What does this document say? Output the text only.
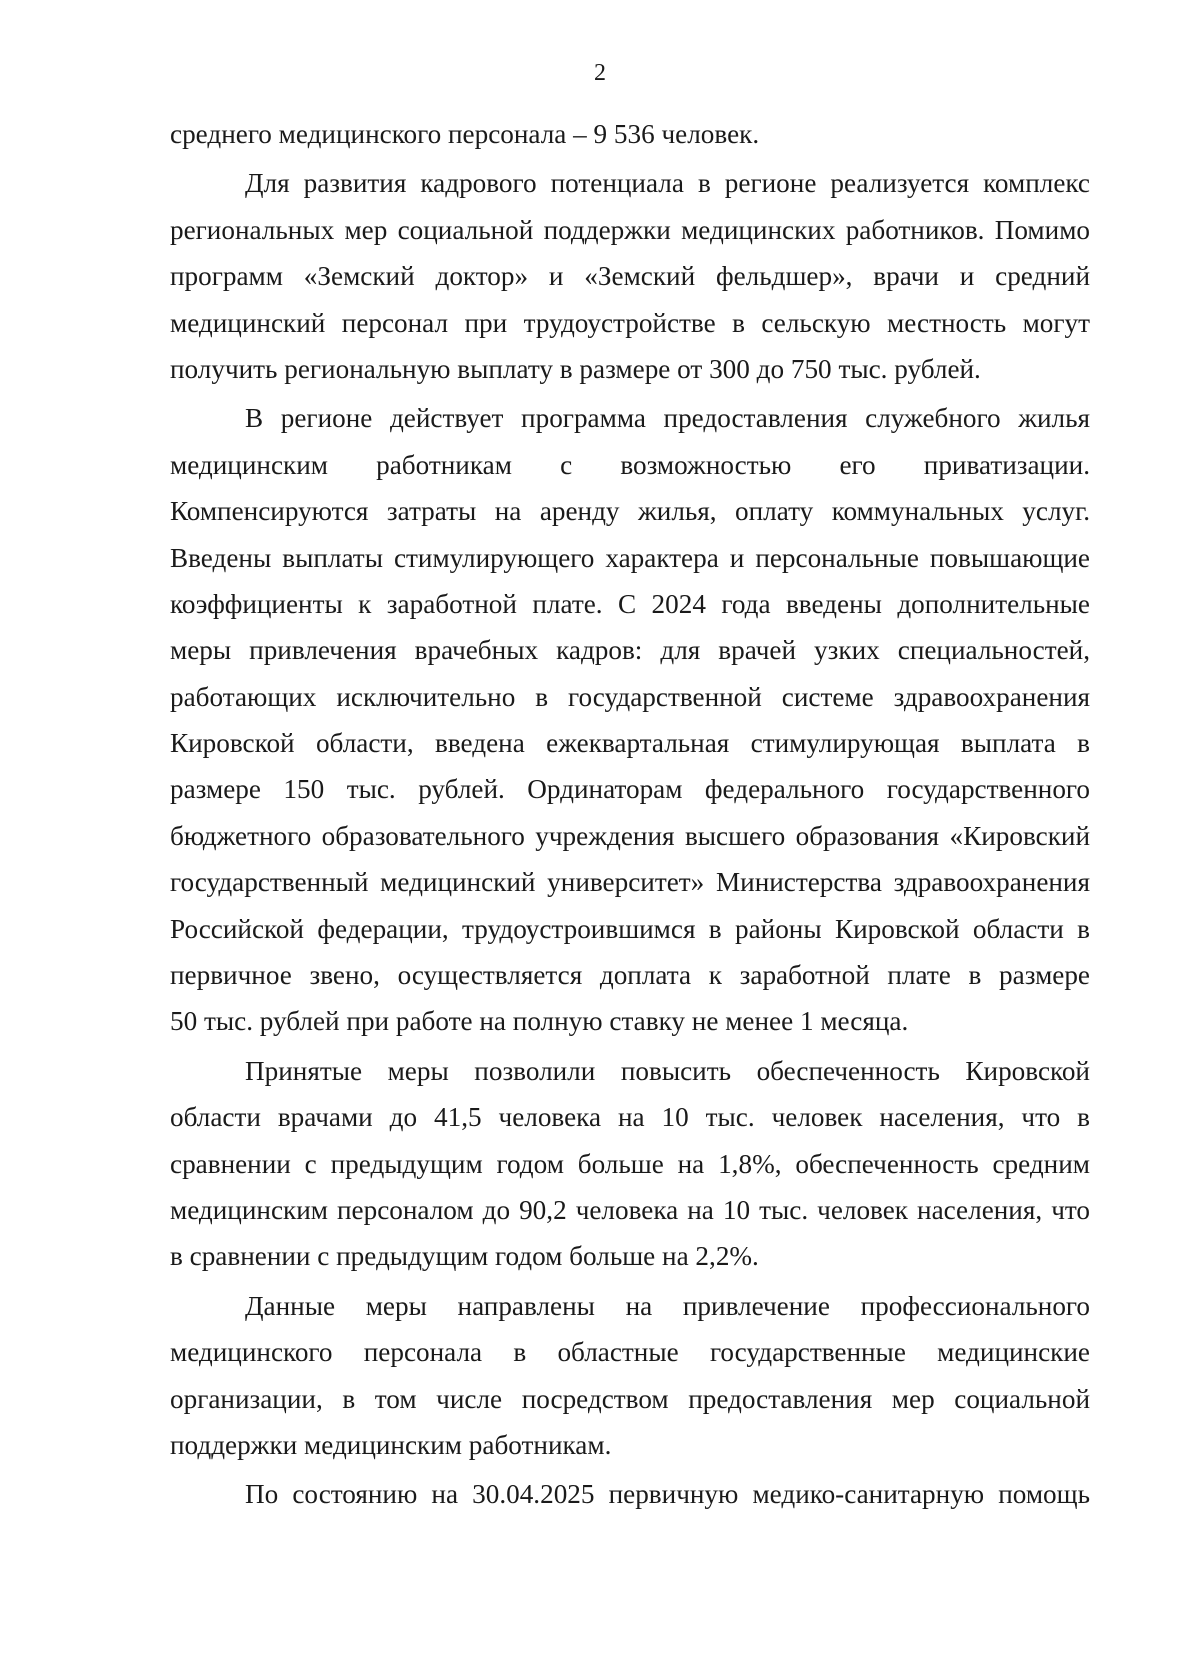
2
среднего медицинского персонала – 9 536 человек.
Для развития кадрового потенциала в регионе реализуется комплекс
региональных мер социальной поддержки медицинских работников. Помимо
программ «Земский доктор» и «Земский фельдшер», врачи и средний
медицинский персонал при трудоустройстве в сельскую местность могут
получить региональную выплату в размере от 300 до 750 тыс. рублей.
В регионе действует программа предоставления служебного жилья
медицинским работникам с возможностью его приватизации.
Компенсируются затраты на аренду жилья, оплату коммунальных услуг.
Введены выплаты стимулирующего характера и персональные повышающие
коэффициенты к заработной плате. С 2024 года введены дополнительные
меры привлечения врачебных кадров: для врачей узких специальностей,
работающих исключительно в государственной системе здравоохранения
Кировской области, введена ежеквартальная стимулирующая выплата в
размере 150 тыс. рублей. Ординаторам федерального государственного
бюджетного образовательного учреждения высшего образования «Кировский
государственный медицинский университет» Министерства здравоохранения
Российской федерации, трудоустроившимся в районы Кировской области в
первичное звено, осуществляется доплата к заработной плате в размере
50 тыс. рублей при работе на полную ставку не менее 1 месяца.
Принятые меры позволили повысить обеспеченность Кировской
области врачами до 41,5 человека на 10 тыс. человек населения, что в
сравнении с предыдущим годом больше на 1,8%, обеспеченность средним
медицинским персоналом до 90,2 человека на 10 тыс. человек населения, что
в сравнении с предыдущим годом больше на 2,2%.
Данные меры направлены на привлечение профессионального
медицинского персонала в областные государственные медицинские
организации, в том числе посредством предоставления мер социальной
поддержки медицинским работникам.
По состоянию на 30.04.2025 первичную медико-санитарную помощь
